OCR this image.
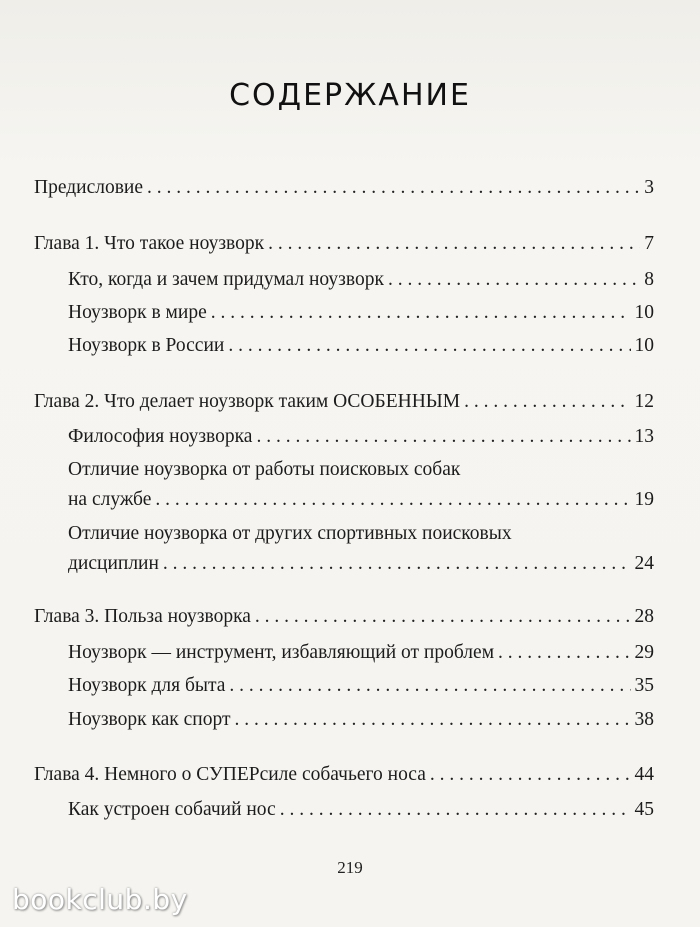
СОДЕРЖАНИЕ
Предисловие . . .	3
Глава 1. Что такое ноузворк . . .	7
Кто, когда и зачем придумал ноузворк . . .	8
Ноузворк в мире . . .	10
Ноузворк в России . . .	10
Глава 2. Что делает ноузворк таким ОСОБЕННЫМ . . .	12
Философия ноузворка . . .	13
Отличие ноузворка от работы поисковых собак
на службе . . .	19
Отличие ноузворка от других спортивных поисковых
дисциплин . . .	24
Глава 3. Польза ноузворка . . .	28
Ноузворк — инструмент, избавляющий от проблем . . .	29
Ноузворк для быта . . .	35
Ноузворк как спорт . . .	38
Глава 4. Немного о СУПЕРсиле собачьего носа . . .	44
Как устроен собачий нос . . .	45
219
bookclub.by
